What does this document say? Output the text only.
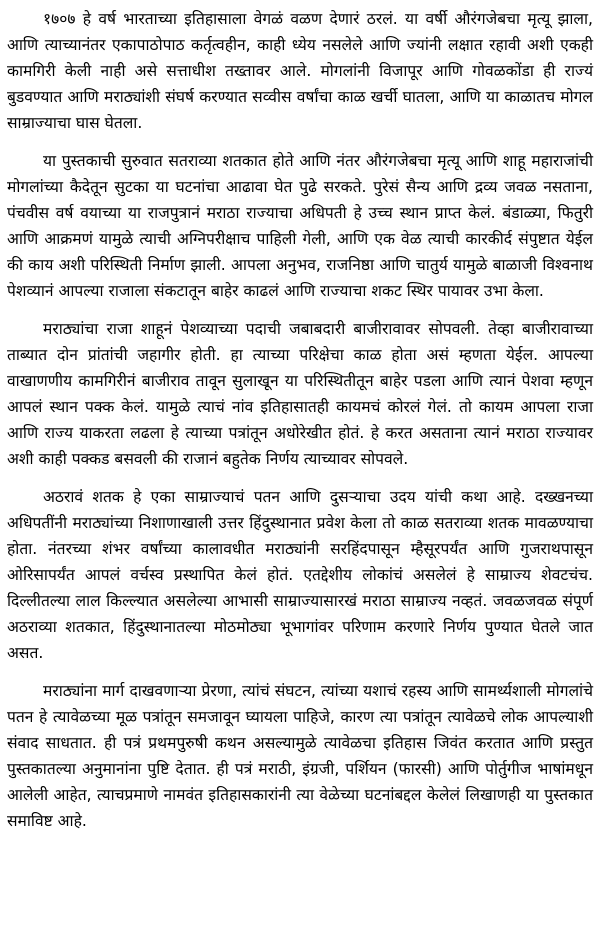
१७०७ हे वर्ष भारताच्या इतिहासाला वेगळं वळण देणारं ठरलं. या वर्षी औरंगजेबचा मृत्यू झाला, आणि त्याच्यानंतर एकापाठोपाठ कर्तृत्वहीन, काही ध्येय नसलेले आणि ज्यांनी लक्षात रहावी अशी एकही कामगिरी केली नाही असे सत्ताधीश तख्तावर आले. मोगलांनी विजापूर आणि गोवळकोंडा ही राज्यं बुडवण्यात आणि मराठ्यांशी संघर्ष करण्यात सव्वीस वर्षांचा काळ खर्ची घातला, आणि या काळातच मोगल साम्राज्याचा घास घेतला.

या पुस्तकाची सुरुवात सतराव्या शतकात होते आणि नंतर औरंगजेबचा मृत्यू आणि शाहू महाराजांची मोगलांच्या कैदेतून सुटका या घटनांचा आढावा घेत पुढे सरकते. पुरेसं सैन्य आणि द्रव्य जवळ नसताना, पंचवीस वर्ष वयाच्या या राजपुत्रानं मराठा राज्याचा अधिपती हे उच्च स्थान प्राप्त केलं. बंडाळ्या, फितुरी आणि आक्रमणं यामुळे त्याची अग्निपरीक्षाच पाहिली गेली, आणि एक वेळ त्याची कारकीर्द संपुष्टात येईल की काय अशी परिस्थिती निर्माण झाली. आपला अनुभव, राजनिष्ठा आणि चातुर्य यामुळे बाळाजी विश्वनाथ पेशव्यानं आपल्या राजाला संकटातून बाहेर काढलं आणि राज्याचा शकट स्थिर पायावर उभा केला.

मराठ्यांचा राजा शाहूनं पेशव्याच्या पदाची जबाबदारी बाजीरावावर सोपवली. तेव्हा बाजीरावाच्या ताब्यात दोन प्रांतांची जहागीर होती. हा त्याच्या परिक्षेचा काळ होता असं म्हणता येईल. आपल्या वाखाणणीय कामगिरीनं बाजीराव तावून सुलाखून या परिस्थितीतून बाहेर पडला आणि त्यानं पेशवा म्हणून आपलं स्थान पक्क केलं. यामुळे त्याचं नांव इतिहासातही कायमचं कोरलं गेलं. तो कायम आपला राजा आणि राज्य याकरता लढला हे त्याच्या पत्रांतून अधोरेखीत होतं. हे करत असताना त्यानं मराठा राज्यावर अशी काही पक्कड बसवली की राजानं बहुतेक निर्णय त्याच्यावर सोपवले.

अठरावं शतक हे एका साम्राज्याचं पतन आणि दुसऱ्याचा उदय यांची कथा आहे. दख्खनच्या अधिपतींनी मराठ्यांच्या निशाणाखाली उत्तर हिंदुस्थानात प्रवेश केला तो काळ सतराव्या शतक मावळण्याचा होता. नंतरच्या शंभर वर्षांच्या कालावधीत मराठ्यांनी सरहिंदपासून म्हैसूरपर्यंत आणि गुजराथपासून ओरिसापर्यंत आपलं वर्चस्व प्रस्थापित केलं होतं. एतद्देशीय लोकांचं असलेलं हे साम्राज्य शेवटचंच. दिल्लीतल्या लाल किल्ल्यात असलेल्या आभासी साम्राज्यासारखं मराठा साम्राज्य नव्हतं. जवळजवळ संपूर्ण अठराव्या शतकात, हिंदुस्थानातल्या मोठमोठ्या भूभागांवर परिणाम करणारे निर्णय पुण्यात घेतले जात असत.

मराठ्यांना मार्ग दाखवणाऱ्या प्रेरणा, त्यांचं संघटन, त्यांच्या यशाचं रहस्य आणि सामर्थ्यशाली मोगलांचे पतन हे त्यावेळच्या मूळ पत्रांतून समजावून घ्यायला पाहिजे, कारण त्या पत्रांतून त्यावेळचे लोक आपल्याशी संवाद साधतात. ही पत्रं प्रथमपुरुषी कथन असल्यामुळे त्यावेळचा इतिहास जिवंत करतात आणि प्रस्तुत पुस्तकातल्या अनुमानांना पुष्टि देतात. ही पत्रं मराठी, इंग्रजी, पर्शियन (फारसी) आणि पोर्तुगीज भाषांमधून आलेली आहेत, त्याचप्रमाणे नामवंत इतिहासकारांनी त्या वेळेच्या घटनांबद्दल केलेलं लिखाणही या पुस्तकात समाविष्ट आहे.
